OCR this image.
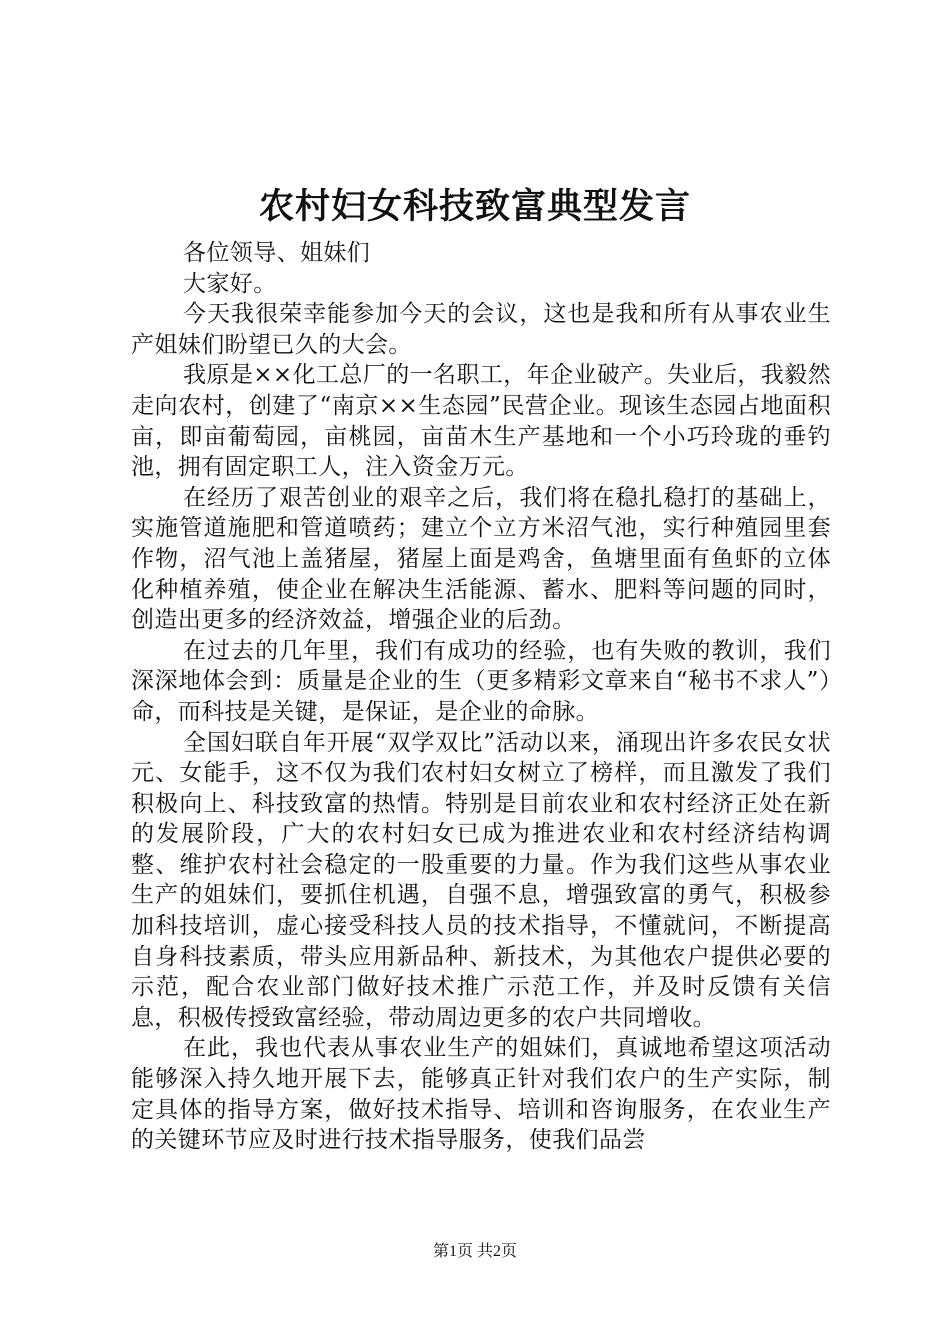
农村妇女科技致富典型发言

各位领导、姐妹们

大家好。

今天我很荣幸能参加今天的会议，这也是我和所有从事农业生产姐妹们盼望已久的大会。

我原是××化工总厂的一名职工，年企业破产。失业后，我毅然走向农村，创建了“南京××生态园”民营企业。现该生态园占地面积亩，即亩葡萄园，亩桃园，亩苗木生产基地和一个小巧玲珑的垂钓池，拥有固定职工人，注入资金万元。

在经历了艰苦创业的艰辛之后，我们将在稳扎稳打的基础上，实施管道施肥和管道喷药；建立个立方米沼气池，实行种殖园里套作物，沼气池上盖猪屋，猪屋上面是鸡舍，鱼塘里面有鱼虾的立体化种植养殖，使企业在解决生活能源、蓄水、肥料等问题的同时，创造出更多的经济效益，增强企业的后劲。

在过去的几年里，我们有成功的经验，也有失败的教训，我们深深地体会到：质量是企业的生（更多精彩文章来自“秘书不求人”）命，而科技是关键，是保证，是企业的命脉。

全国妇联自年开展“双学双比”活动以来，涌现出许多农民女状元、女能手，这不仅为我们农村妇女树立了榜样，而且激发了我们积极向上、科技致富的热情。特别是目前农业和农村经济正处在新的发展阶段，广大的农村妇女已成为推进农业和农村经济结构调整、维护农村社会稳定的一股重要的力量。作为我们这些从事农业生产的姐妹们，要抓住机遇，自强不息，增强致富的勇气，积极参加科技培训，虚心接受科技人员的技术指导，不懂就问，不断提高自身科技素质，带头应用新品种、新技术，为其他农户提供必要的示范，配合农业部门做好技术推广示范工作，并及时反馈有关信息，积极传授致富经验，带动周边更多的农户共同增收。

在此，我也代表从事农业生产的姐妹们，真诚地希望这项活动能够深入持久地开展下去，能够真正针对我们农户的生产实际，制定具体的指导方案，做好技术指导、培训和咨询服务，在农业生产的关键环节应及时进行技术指导服务，使我们品尝

第1页 共2页
